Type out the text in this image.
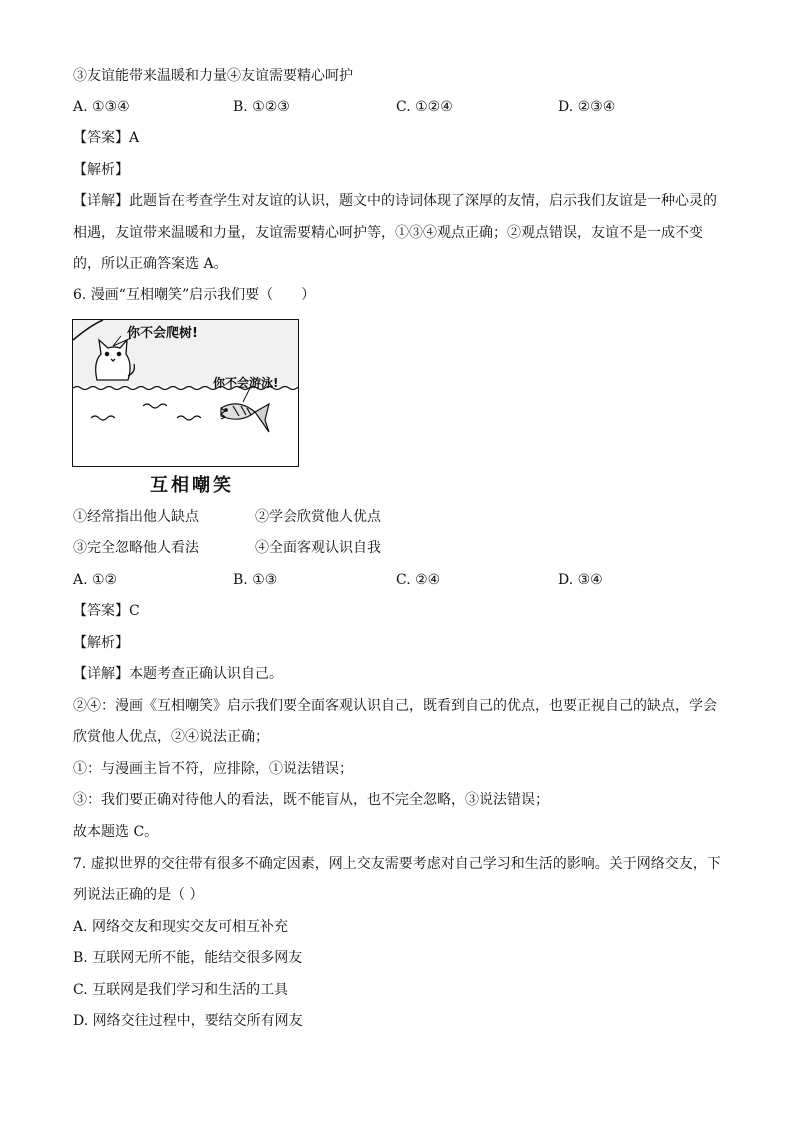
③友谊能带来温暖和力量④友谊需要精心呵护
A. ①③④	B. ①②③	C. ①②④	D. ②③④
【答案】A
【解析】
【详解】此题旨在考查学生对友谊的认识，题文中的诗词体现了深厚的友情，启示我们友谊是一种心灵的
相遇，友谊带来温暖和力量，友谊需要精心呵护等，①③④观点正确；②观点错误，友谊不是一成不变
的，所以正确答案选 A。
6. 漫画“互相嘲笑”启示我们要（　　）
你不会爬树!
你不会游泳!
互相嘲笑
①经常指出他人缺点	②学会欣赏他人优点
③完全忽略他人看法	④全面客观认识自我
A. ①②	B. ①③	C. ②④	D. ③④
【答案】C
【解析】
【详解】本题考查正确认识自己。
②④：漫画《互相嘲笑》启示我们要全面客观认识自己，既看到自己的优点，也要正视自己的缺点，学会
欣赏他人优点，②④说法正确；
①：与漫画主旨不符，应排除，①说法错误；
③：我们要正确对待他人的看法，既不能盲从，也不完全忽略，③说法错误；
故本题选 C。
7. 虚拟世界的交往带有很多不确定因素，网上交友需要考虑对自己学习和生活的影响。关于网络交友，下
列说法正确的是（ ）
A. 网络交友和现实交友可相互补充
B. 互联网无所不能，能结交很多网友
C. 互联网是我们学习和生活的工具
D. 网络交往过程中，要结交所有网友
